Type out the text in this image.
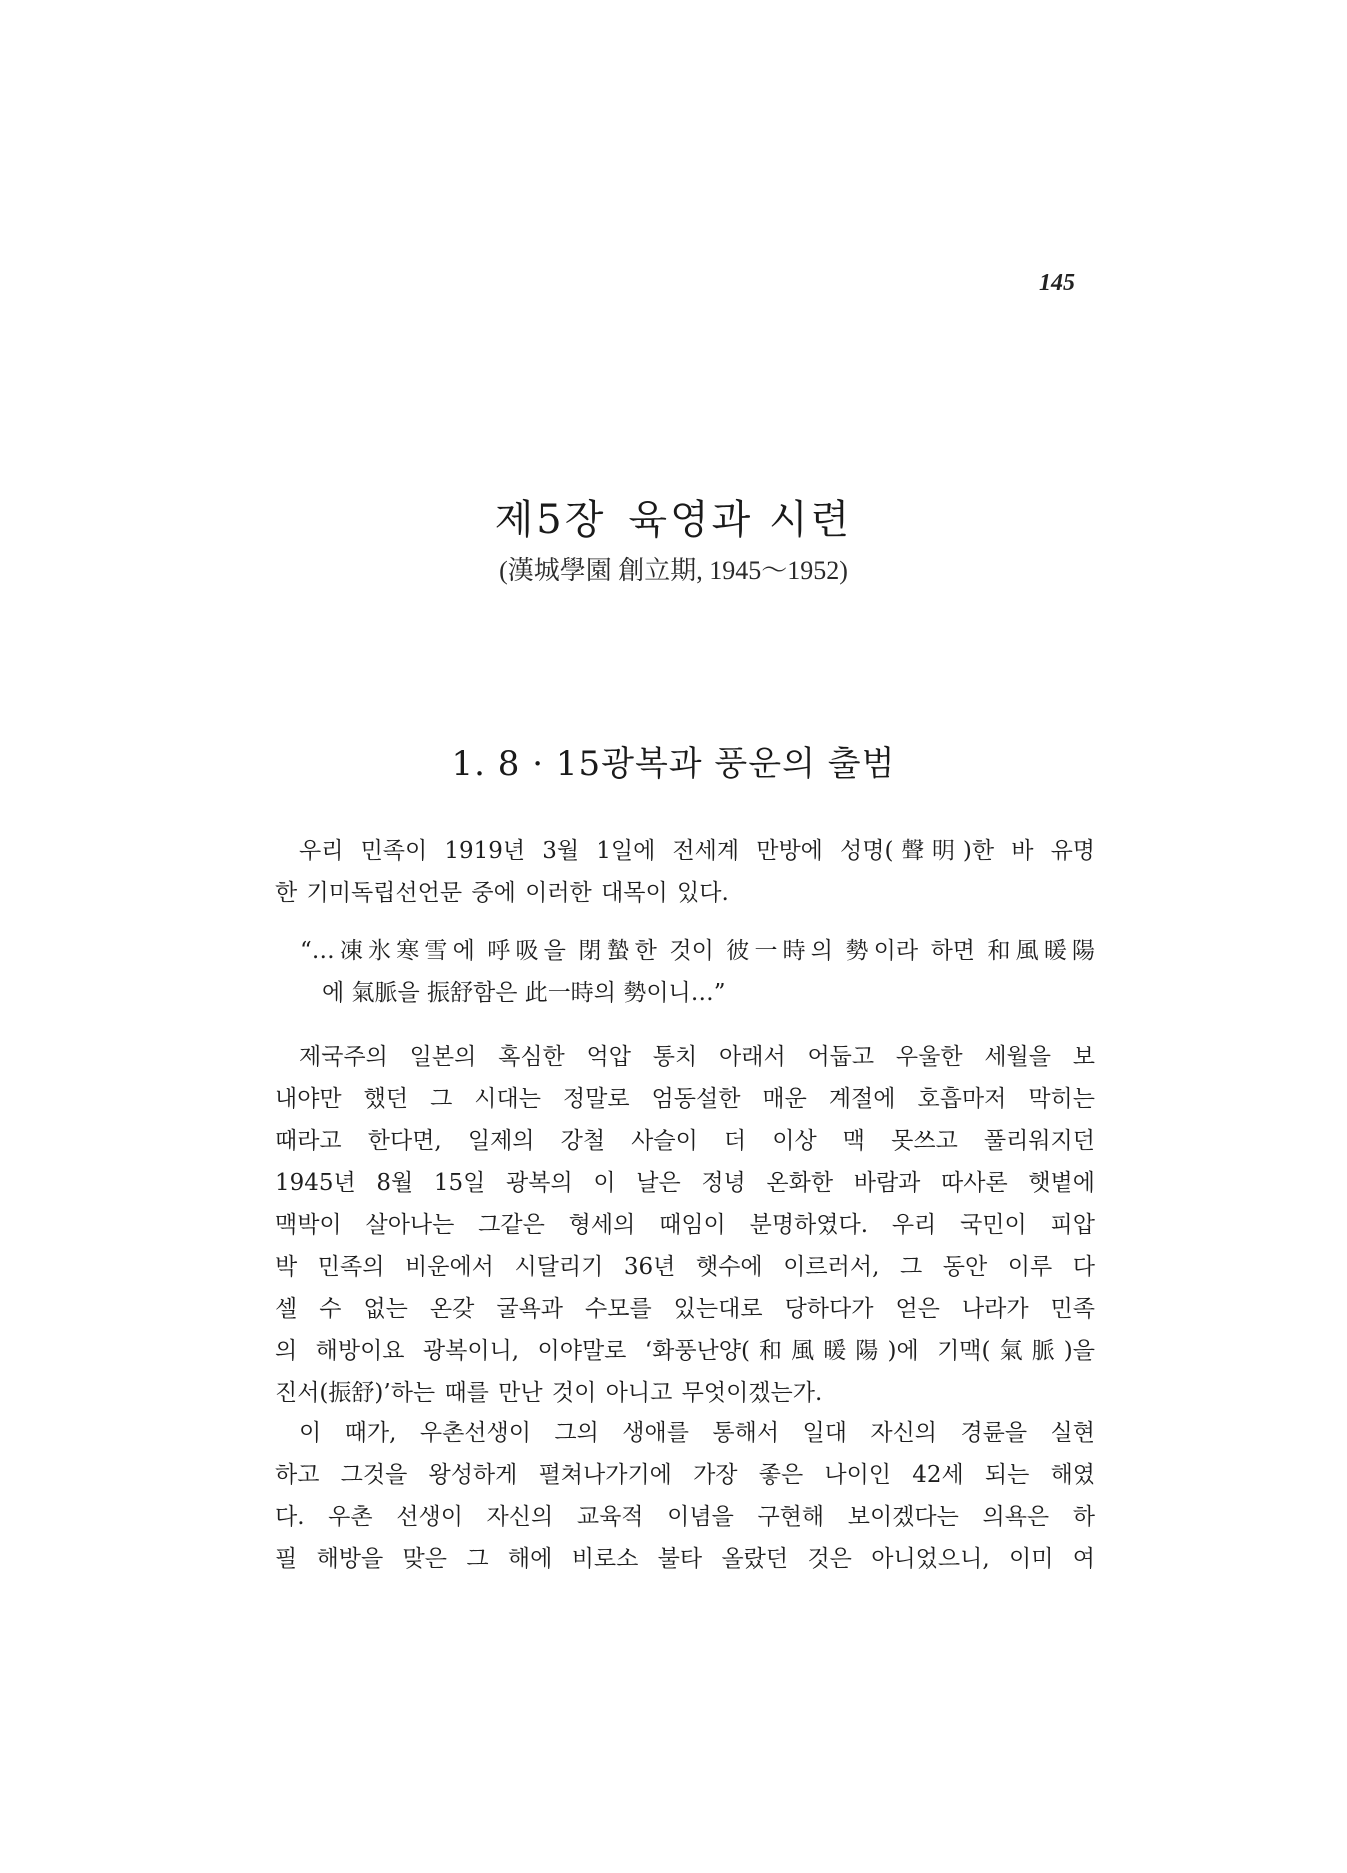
145
제5장 육영과 시련
(漢城學園 創立期, 1945～1952)
1. 8 · 15광복과 풍운의 출범
우리 민족이 1919년 3월 1일에 전세계 만방에 성명(聲明)한 바 유명
한 기미독립선언문 중에 이러한 대목이 있다.
“…凍氷寒雪에 呼吸을 閉蟄한 것이 彼一時의 勢이라 하면 和風暖陽
에 氣脈을 振舒함은 此一時의 勢이니…”
제국주의 일본의 혹심한 억압 통치 아래서 어둡고 우울한 세월을 보
내야만 했던 그 시대는 정말로 엄동설한 매운 계절에 호흡마저 막히는
때라고 한다면, 일제의 강철 사슬이 더 이상 맥 못쓰고 풀리워지던
1945년 8월 15일 광복의 이 날은 정녕 온화한 바람과 따사론 햇볕에
맥박이 살아나는 그같은 형세의 때임이 분명하였다. 우리 국민이 피압
박 민족의 비운에서 시달리기 36년 햇수에 이르러서, 그 동안 이루 다
셀 수 없는 온갖 굴욕과 수모를 있는대로 당하다가 얻은 나라가 민족
의 해방이요 광복이니, 이야말로 ‘화풍난양(和風暖陽)에 기맥(氣脈)을
진서(振舒)’하는 때를 만난 것이 아니고 무엇이겠는가.
이 때가, 우촌선생이 그의 생애를 통해서 일대 자신의 경륜을 실현
하고 그것을 왕성하게 펼쳐나가기에 가장 좋은 나이인 42세 되는 해였
다. 우촌 선생이 자신의 교육적 이념을 구현해 보이겠다는 의욕은 하
필 해방을 맞은 그 해에 비로소 불타 올랐던 것은 아니었으니, 이미 여
